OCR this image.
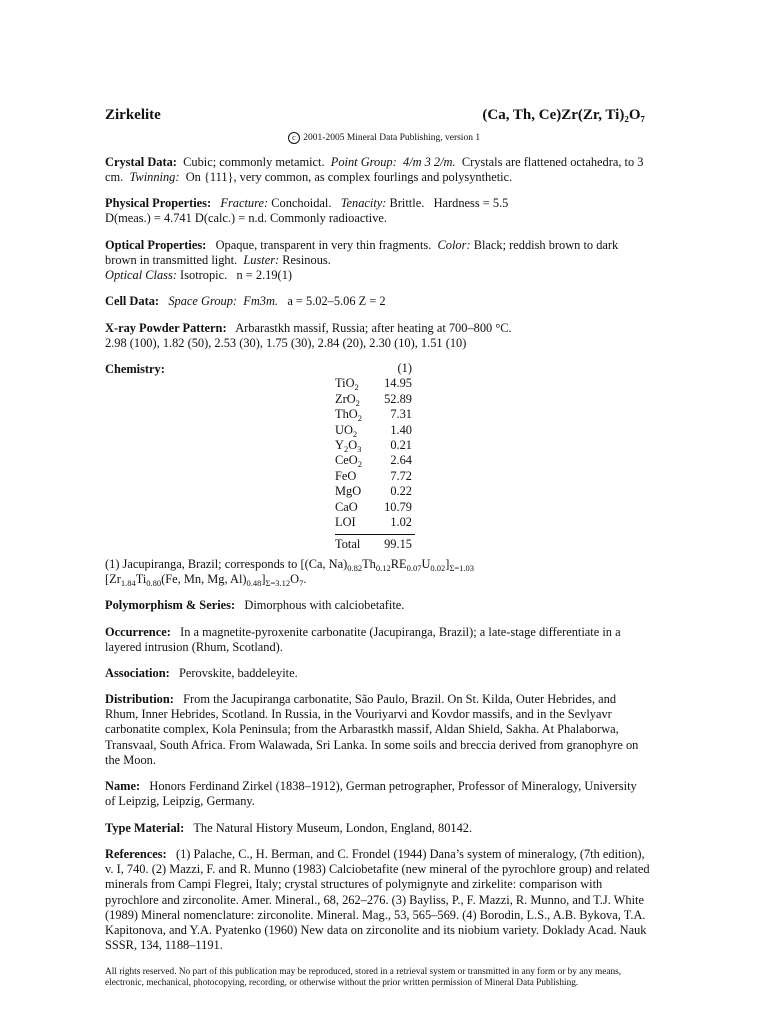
Zirkelite	(Ca, Th, Ce)Zr(Zr, Ti)₂O₇
c 2001-2005 Mineral Data Publishing, version 1
Crystal Data: Cubic; commonly metamict. Point Group: 4/m 3 2/m. Crystals are flattened octahedra, to 3 cm. Twinning: On {111}, very common, as complex fourlings and polysynthetic.
Physical Properties: Fracture: Conchoidal. Tenacity: Brittle. Hardness = 5.5
D(meas.) = 4.741 D(calc.) = n.d. Commonly radioactive.
Optical Properties: Opaque, transparent in very thin fragments. Color: Black; reddish brown to dark brown in transmitted light. Luster: Resinous.
Optical Class: Isotropic. n = 2.19(1)
Cell Data: Space Group: Fm3m. a = 5.02–5.06 Z = 2
X-ray Powder Pattern: Arbarastkh massif, Russia; after heating at 700–800 °C.
2.98 (100), 1.82 (50), 2.53 (30), 1.75 (30), 2.84 (20), 2.30 (10), 1.51 (10)
Chemistry:	(1)
TiO$_2$ 14.95
ZrO$_2$ 52.89
ThO$_2$ 7.31
$UO_2$	1.40
$Y_2O_3$ 0.21
CeO$_2$ 2.64
FeO	7.72
MgO 0.22
CaO 10.79
LOI	1.02
Total 99.15
(1) Jacupiranga, Brazil; corresponds to [(Ca, $Na)_{0.82}Th_{0.12}RE_{0.07}U_{0.02}]_{\Sigma=1.03}$
[$Zr_{1.84}Ti_{0.80}(Fe$, Mn, Mg, $Al)_{0.48}]_{\Sigma=3.12}O_7$.
Polymorphism & Series: Dimorphous with calciobetafite.
Occurrence: In a magnetite-pyroxenite carbonatite (Jacupiranga, Brazil); a late-stage differentiate in a layered intrusion (Rhum, Scotland).
Association: Perovskite, baddeleyite.
Distribution: From the Jacupiranga carbonatite, São Paulo, Brazil. On St. Kilda, Outer Hebrides, and Rhum, Inner Hebrides, Scotland. In Russia, in the Vouriyarvi and Kovdor massifs, and in the Sevlyavr carbonatite complex, Kola Peninsula; from the Arbarastkh massif, Aldan Shield, Sakha. At Phalaborwa, Transvaal, South Africa. From Walawada, Sri Lanka. In some soils and breccia derived from granophyre on the Moon.
Name: Honors Ferdinand Zirkel (1838–1912), German petrographer, Professor of Mineralogy, University of Leipzig, Leipzig, Germany.
Type Material: The Natural History Museum, London, England, 80142.
References: (1) Palache, C., H. Berman, and C. Frondel (1944) Dana’s system of mineralogy, (7th edition), v. I, 740. (2) Mazzi, F. and R. Munno (1983) Calciobetafite (new mineral of the pyrochlore group) and related minerals from Campi Flegrei, Italy; crystal structures of polymignyte and zirkelite: comparison with pyrochlore and zirconolite. Amer. Mineral., 68, 262–276. (3) Bayliss, P., F. Mazzi, R. Munno, and T.J. White (1989) Mineral nomenclature: zirconolite. Mineral. Mag., 53, 565–569. (4) Borodin, L.S., A.B. Bykova, T.A. Kapitonova, and Y.A. Pyatenko (1960) New data on zirconolite and its niobium variety. Doklady Acad. Nauk SSSR, 134, 1188–1191.
All rights reserved. No part of this publication may be reproduced, stored in a retrieval system or transmitted in any form or by any means, electronic, mechanical, photocopying, recording, or otherwise without the prior written permission of Mineral Data Publishing.
